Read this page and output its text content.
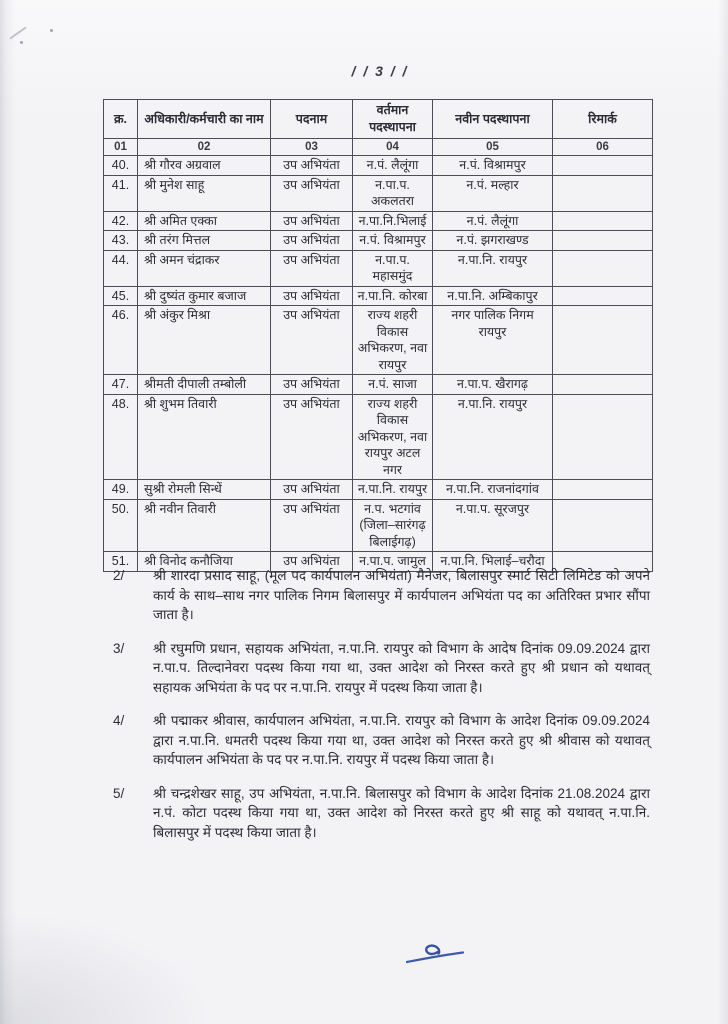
/ / 3 / /
क्र.	अधिकारी/कर्मचारी का नाम	पदनाम	वर्तमान पदस्थापना	नवीन पदस्थापना	रिमार्क
01	02	03	04	05	06
40.	श्री गौरव अग्रवाल	उप अभियंता	न.पं. लैलूंगा	न.पं. विश्रामपुर	
41.	श्री मुनेश साहू	उप अभियंता	न.पा.प. अकलतरा	न.पं. मल्हार	
42.	श्री अमित एक्का	उप अभियंता	न.पा.नि.भिलाई	न.पं. लैलूंगा	
43.	श्री तरंग मित्तल	उप अभियंता	न.पं. विश्रामपुर	न.पं. झगराखण्ड	
44.	श्री अमन चंद्राकर	उप अभियंता	न.पा.प. महासमुंद	न.पा.नि. रायपुर	
45.	श्री दुष्यंत कुमार बजाज	उप अभियंता	न.पा.नि. कोरबा	न.पा.नि. अम्बिकापुर	
46.	श्री अंकुर मिश्रा	उप अभियंता	राज्य शहरी विकास अभिकरण, नवा रायपुर	नगर पालिक निगम रायपुर	
47.	श्रीमती दीपाली तम्बोली	उप अभियंता	न.पं. साजा	न.पा.प. खैरागढ़	
48.	श्री शुभम तिवारी	उप अभियंता	राज्य शहरी विकास अभिकरण, नवा रायपुर अटल नगर	न.पा.नि. रायपुर	
49.	सुश्री रोमली सिन्धें	उप अभियंता	न.पा.नि. रायपुर	न.पा.नि. राजनांदगांव	
50.	श्री नवीन तिवारी	उप अभियंता	न.प. भटगांव (जिला–सारंगढ़ बिलाईगढ़)	न.पा.प. सूरजपुर	
51.	श्री विनोद कनौजिया	उप अभियंता	न.पा.प. जामुल	न.पा.नि. भिलाई–चरौदा	
2/	श्री शारदा प्रसाद साहू, (मूल पद कार्यपालन अभियंता) मैनेजर, बिलासपुर स्मार्ट सिटी लिमिटेड को अपने कार्य के साथ–साथ नगर पालिक निगम बिलासपुर में कार्यपालन अभियंता पद का अतिरिक्त प्रभार सौंपा जाता है।
3/	श्री रघुमणि प्रधान, सहायक अभियंता, न.पा.नि. रायपुर को विभाग के आदेष दिनांक 09.09.2024 द्वारा न.पा.प. तिल्दानेवरा पदस्थ किया गया था, उक्त आदेश को निरस्त करते हुए श्री प्रधान को यथावत् सहायक अभियंता के पद पर न.पा.नि. रायपुर में पदस्थ किया जाता है।
4/	श्री पद्माकर श्रीवास, कार्यपालन अभियंता, न.पा.नि. रायपुर को विभाग के आदेश दिनांक 09.09.2024 द्वारा न.पा.नि. धमतरी पदस्थ किया गया था, उक्त आदेश को निरस्त करते हुए श्री श्रीवास को यथावत् कार्यपालन अभियंता के पद पर न.पा.नि. रायपुर में पदस्थ किया जाता है।
5/	श्री चन्द्रशेखर साहू, उप अभियंता, न.पा.नि. बिलासपुर को विभाग के आदेश दिनांक 21.08.2024 द्वारा न.पं. कोटा पदस्थ किया गया था, उक्त आदेश को निरस्त करते हुए श्री साहू को यथावत् न.पा.नि. बिलासपुर में पदस्थ किया जाता है।
